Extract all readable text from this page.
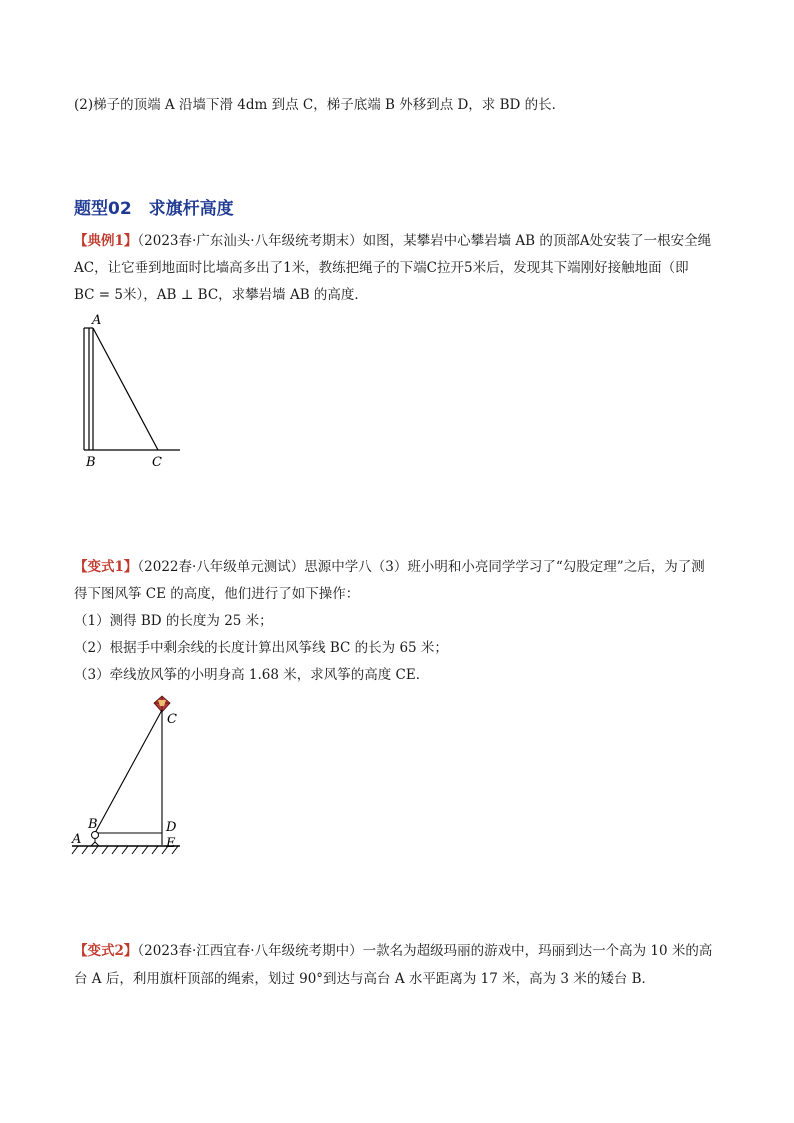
(2)梯子的顶端 A 沿墙下滑 4dm 到点 C，梯子底端 B 外移到点 D，求 BD 的长．
题型02　求旗杆高度
【典例1】（2023春·广东汕头·八年级统考期末）如图，某攀岩中心攀岩墙 AB 的顶部A处安装了一根安全绳
AC，让它垂到地面时比墙高多出了1米，教练把绳子的下端C拉开5米后，发现其下端刚好接触地面（即
BC = 5米），AB ⊥ BC，求攀岩墙 AB 的高度．
A
B	C
【变式1】（2022春·八年级单元测试）思源中学八（3）班小明和小亮同学学习了“勾股定理”之后，为了测
得下图风筝 CE 的高度，他们进行了如下操作：
（1）测得 BD 的长度为 25 米；
（2）根据手中剩余线的长度计算出风筝线 BC 的长为 65 米；
（3）牵线放风筝的小明身高 1.68 米，求风筝的高度 CE．
C
B	D
A	E
【变式2】（2023春·江西宜春·八年级统考期中）一款名为超级玛丽的游戏中，玛丽到达一个高为 10 米的高
台 A 后，利用旗杆顶部的绳索，划过 90°到达与高台 A 水平距离为 17 米，高为 3 米的矮台 B．
